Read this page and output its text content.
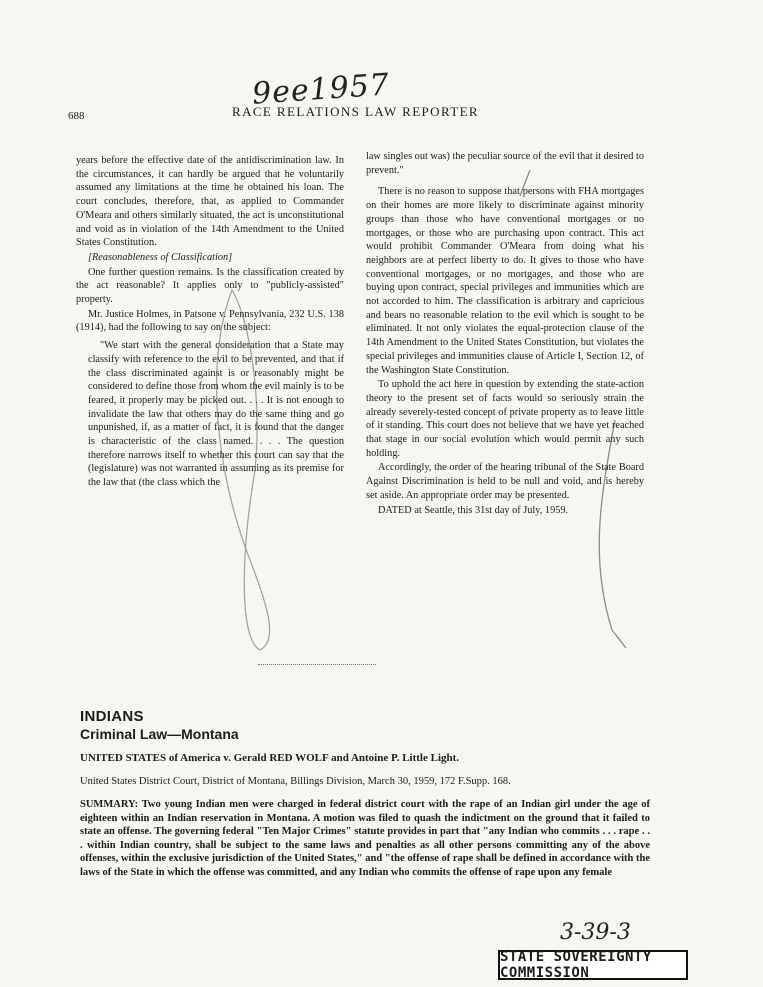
9ee1957
688	RACE RELATIONS LAW REPORTER

years before the effective date of the antidiscrimination law. In the circumstances, it can hardly be argued that he voluntarily assumed any limitations at the time he obtained his loan. The court concludes, therefore, that, as applied to Commander O'Meara and others similarly situated, the act is unconstitutional and void as in violation of the 14th Amendment to the United States Constitution.

[Reasonableness of Classification]

One further question remains. Is the classification created by the act reasonable? It applies only to "publicly-assisted" property.

Mr. Justice Holmes, in Patsone v. Pennsylvania, 232 U.S. 138 (1914), had the following to say on the subject:

"We start with the general consideration that a State may classify with reference to the evil to be prevented, and that if the class discriminated against is or reasonably might be considered to define those from whom the evil mainly is to be feared, it properly may be picked out. . . . It is not enough to invalidate the law that others may do the same thing and go unpunished, if, as a matter of fact, it is found that the danger is characteristic of the class named. . . . The question therefore narrows itself to whether this court can say that the (legislature) was not warranted in assuming as its premise for the law that (the class which the

law singles out was) the peculiar source of the evil that it desired to prevent."

There is no reason to suppose that persons with FHA mortgages on their homes are more likely to discriminate against minority groups than those who have conventional mortgages or no mortgages, or those who are purchasing upon contract. This act would prohibit Commander O'Meara from doing what his neighbors are at perfect liberty to do. It gives to those who have conventional mortgages, or no mortgages, and those who are buying upon contract, special privileges and immunities which are not accorded to him. The classification is arbitrary and capricious and bears no reasonable relation to the evil which is sought to be eliminated. It not only violates the equal-protection clause of the 14th Amendment to the United States Constitution, but violates the special privileges and immunities clause of Article I, Section 12, of the Washington State Constitution.

To uphold the act here in question by extending the state-action theory to the present set of facts would so seriously strain the already severely-tested concept of private property as to leave little of it standing. This court does not believe that we have yet reached that stage in our social evolution which would permit any such holding.

Accordingly, the order of the hearing tribunal of the State Board Against Discrimination is held to be null and void, and is hereby set aside. An appropriate order may be presented.

DATED at Seattle, this 31st day of July, 1959.

INDIANS
Criminal Law—Montana
UNITED STATES of America v. Gerald RED WOLF and Antoine P. Little Light.
United States District Court, District of Montana, Billings Division, March 30, 1959, 172 F.Supp. 168.
SUMMARY: Two young Indian men were charged in federal district court with the rape of an Indian girl under the age of eighteen within an Indian reservation in Montana. A motion was filed to quash the indictment on the ground that it failed to state an offense. The governing federal "Ten Major Crimes" statute provides in part that "any Indian who commits . . . rape . . . within Indian country, shall be subject to the same laws and penalties as all other persons committing any of the above offenses, within the exclusive jurisdiction of the United States," and "the offense of rape shall be defined in accordance with the laws of the State in which the offense was committed, and any Indian who commits the offense of rape upon any female
3-39-3
STATE SOVEREIGNTY COMMISSION
